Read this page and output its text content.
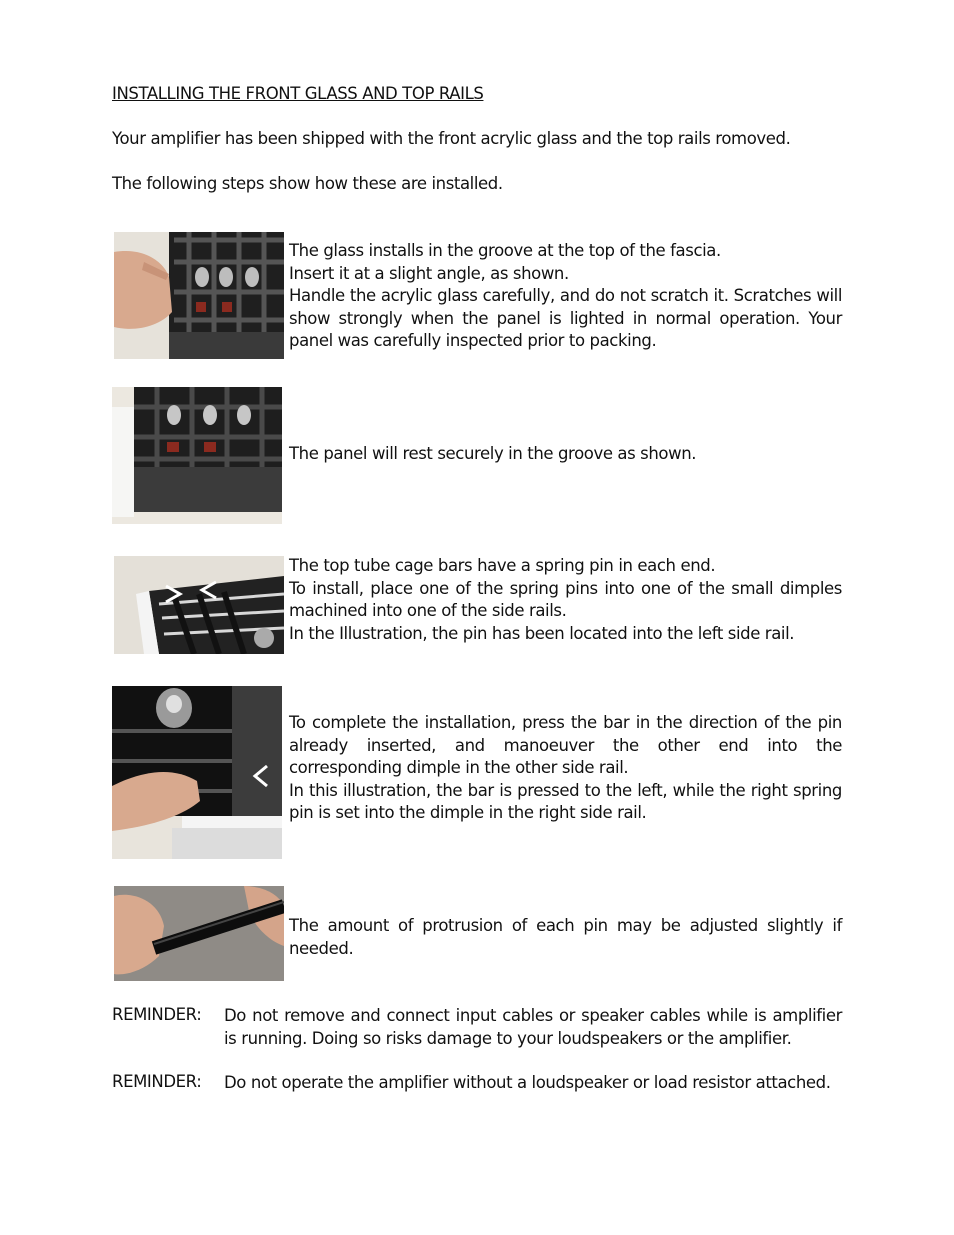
INSTALLING THE FRONT GLASS AND TOP RAILS
Your amplifier has been shipped with the front acrylic glass and the top rails romoved.
The following steps show how these are installed.
The glass installs in the groove at the top of the fascia.
Insert it at a slight angle, as shown.
Handle the acrylic glass carefully, and do not scratch it. Scratches will show strongly when the panel is lighted in normal operation. Your panel was carefully inspected prior to packing.
The panel will rest securely in the groove as shown.
The top tube cage bars have a spring pin in each end.
To install, place one of the spring pins into one of the small dimples machined into one of the side rails.
In the Illustration, the pin has been located into the left side rail.
To complete the installation, press the bar in the direction of the pin already inserted, and manoeuver the other end into the corresponding dimple in the other side rail.
In this illustration, the bar is pressed to the left, while the right spring pin is set into the dimple in the right side rail.
The amount of protrusion of each pin may be adjusted slightly if needed.
REMINDER: Do not remove and connect input cables or speaker cables while is amplifier is running. Doing so risks damage to your loudspeakers or the amplifier.
REMINDER: Do not operate the amplifier without a loudspeaker or load resistor attached.
